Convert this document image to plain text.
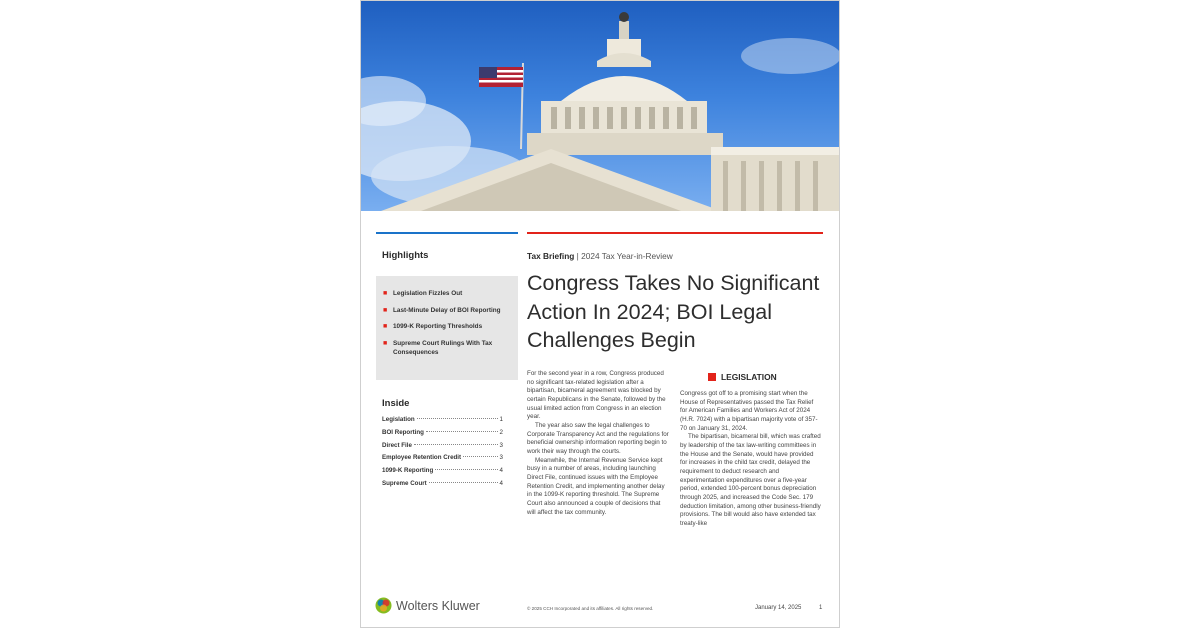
Highlights
■ Legislation Fizzles Out
■ Last-Minute Delay of BOI Reporting
■ 1099-K Reporting Thresholds
■ Supreme Court Rulings With Tax Consequences
Inside
Legislation	1
BOI Reporting	2
Direct File	3
Employee Retention Credit	3
1099-K Reporting	4
Supreme Court	4
Tax Briefing | 2024 Tax Year-in-Review
Congress Takes No Significant Action In 2024; BOI Legal Challenges Begin

For the second year in a row, Congress produced no significant tax-related legislation after a bipartisan, bicameral agreement was blocked by certain Republicans in the Senate, followed by the usual limited action from Congress in an election year.

The year also saw the legal challenges to Corporate Transparency Act and the regulations for beneficial ownership information reporting begin to work their way through the courts.

Meanwhile, the Internal Revenue Service kept busy in a number of areas, including launching Direct File, continued issues with the Employee Retention Credit, and implementing another delay in the 1099-K reporting threshold. The Supreme Court also announced a couple of decisions that will affect the tax community.

LEGISLATION

Congress got off to a promising start when the House of Representatives passed the Tax Relief for American Families and Workers Act of 2024 (H.R. 7024) with a bipartisan majority vote of 357-70 on January 31, 2024.

The bipartisan, bicameral bill, which was crafted by leadership of the tax law-writing committees in the House and the Senate, would have provided for increases in the child tax credit, delayed the requirement to deduct research and experimentation expenditures over a five-year period, extended 100-percent bonus depreciation through 2025, and increased the Code Sec. 179 deduction limitation, among other business-friendly provisions. The bill would also have extended tax treaty-like

Wolters Kluwer	© 2025 CCH Incorporated and its affiliates. All rights reserved.	January 14, 2025	1
